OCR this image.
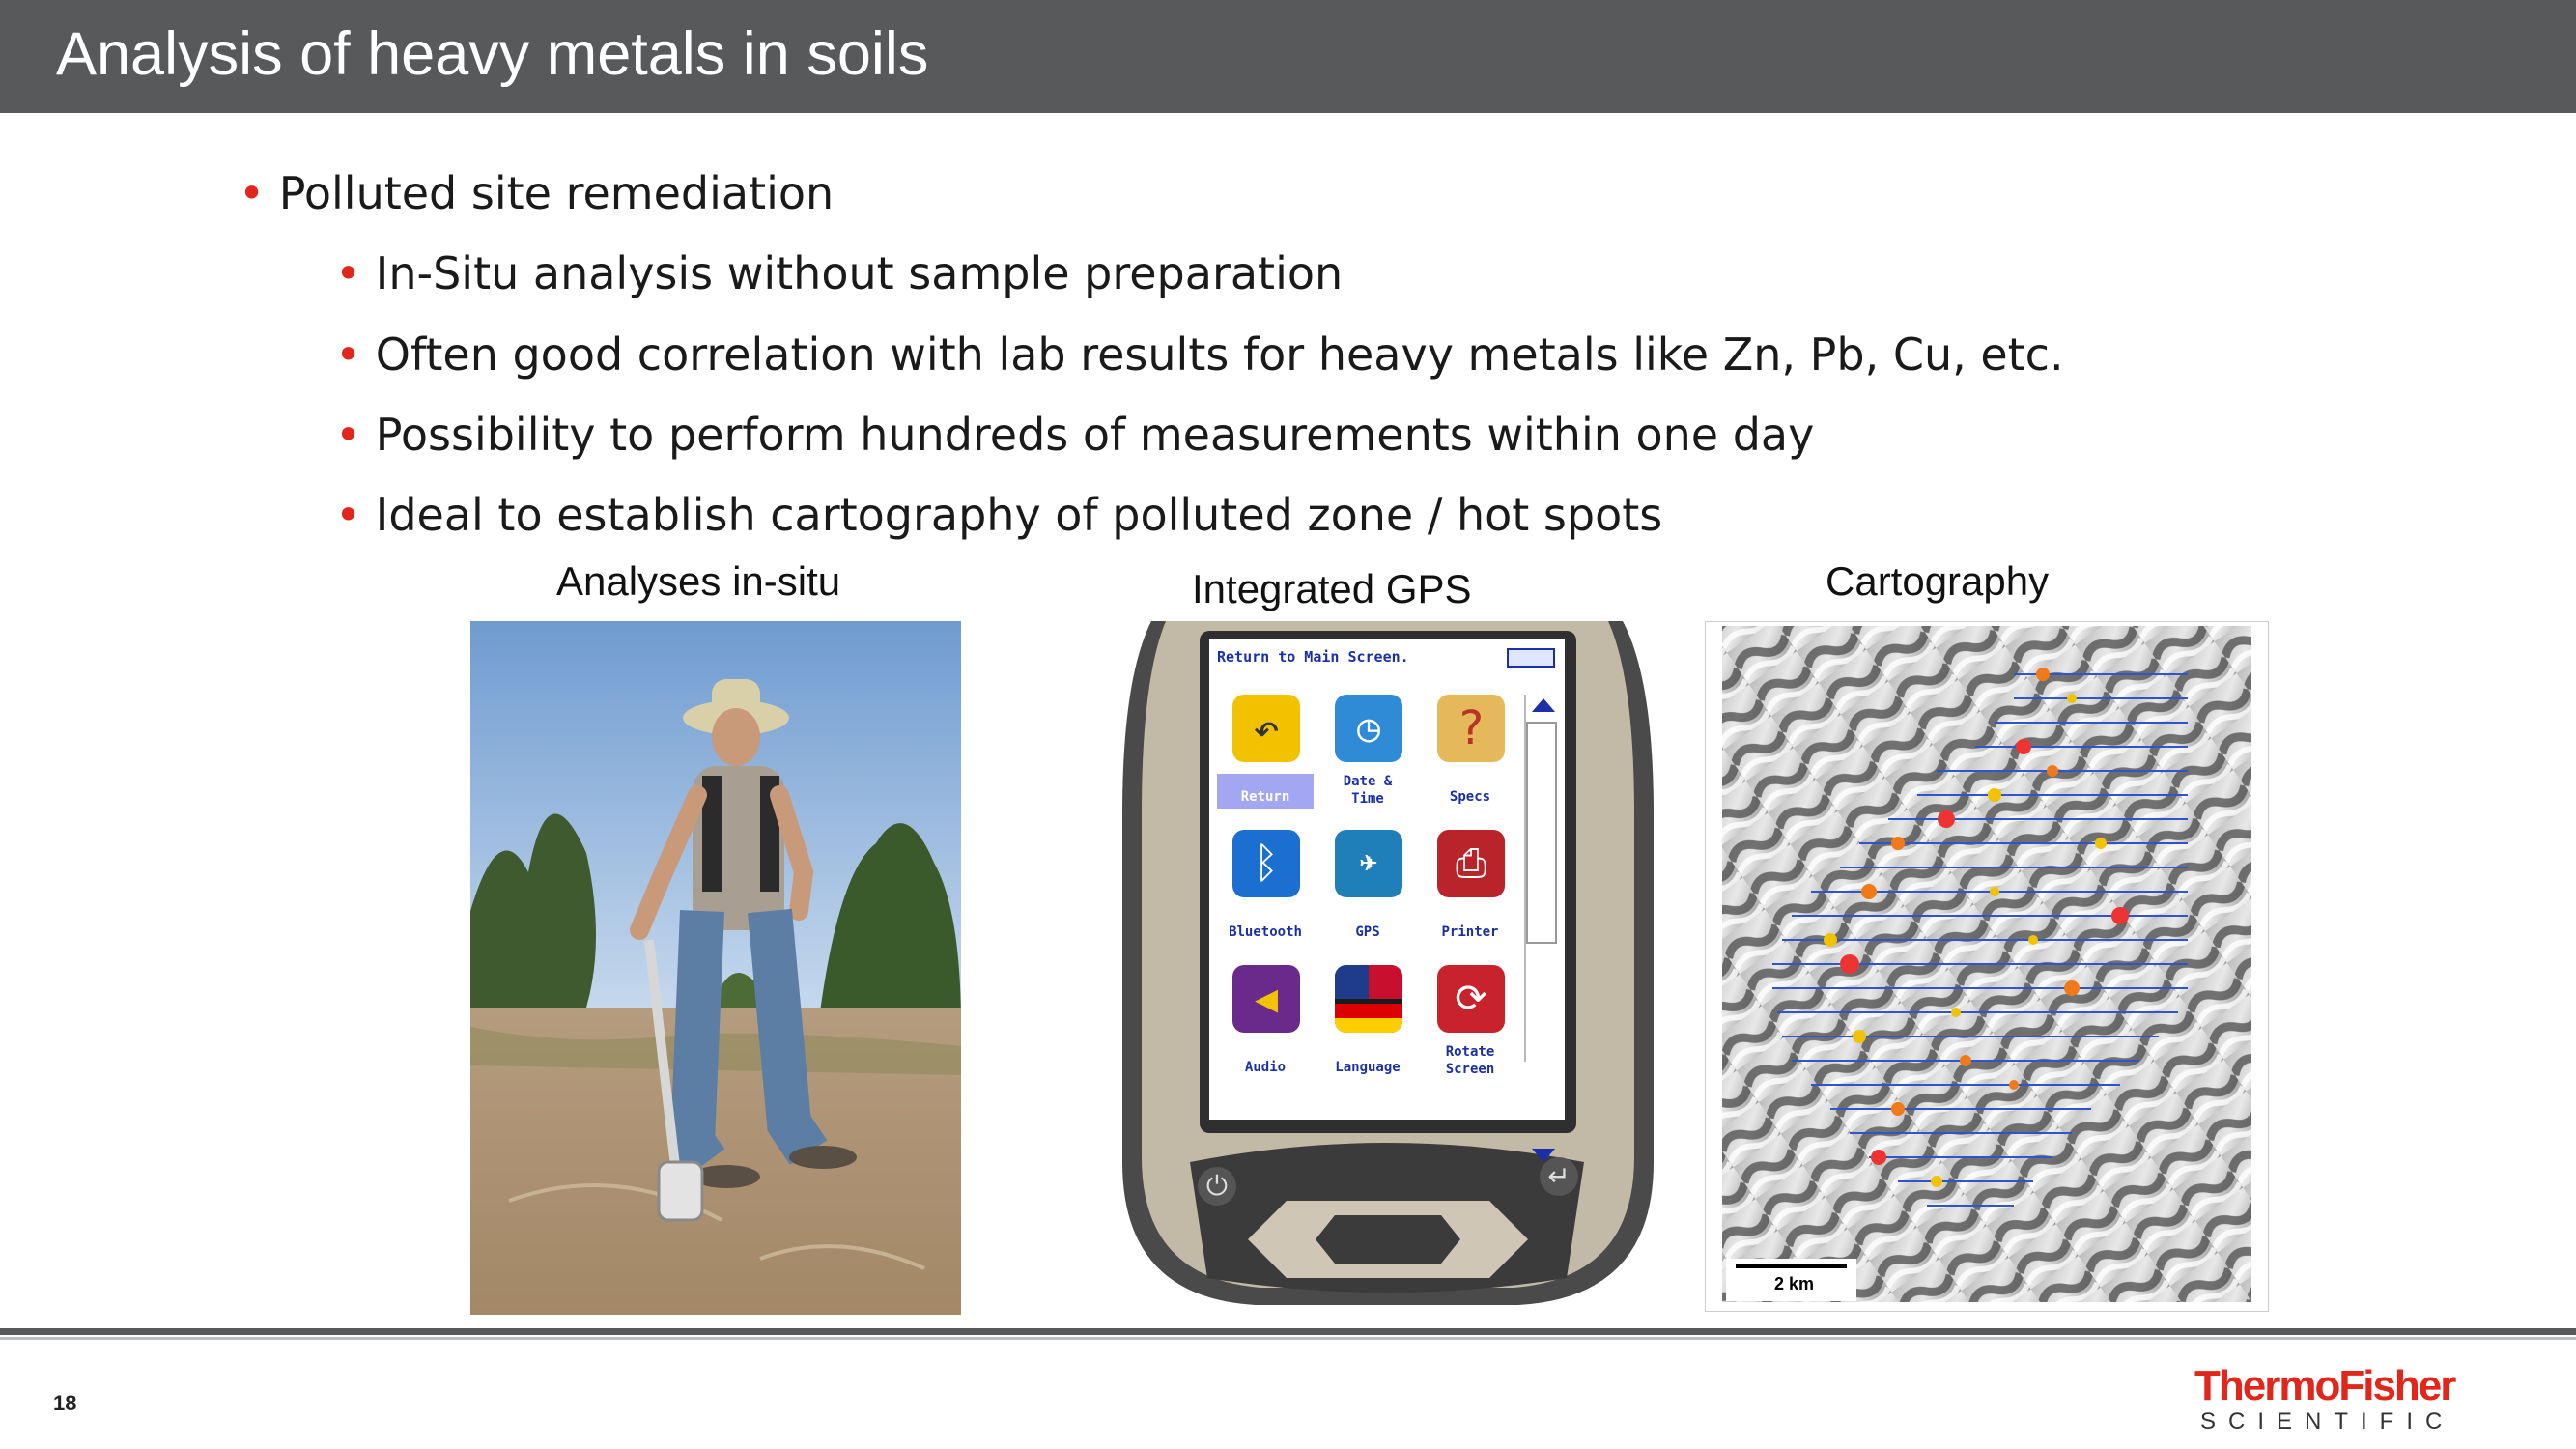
Analysis of heavy metals in soils
• Polluted site remediation
• In-Situ analysis without sample preparation
• Often good correlation with lab results for heavy metals like Zn, Pb, Cu, etc.
• Possibility to perform hundreds of measurements within one day
• Ideal to establish cartography of polluted zone / hot spots
Analyses in-situ	Integrated GPS	Cartography
Return to Main Screen.
↶
Return
◷
Date &
Time
?
Specs
ᛒ
Bluetooth
✈
GPS
⎙
Printer
◀
Audio	Language
⟳
Rotate
Screen
⏻	↵
2 km
18	ThermoFisher
SCIENTIFIC
